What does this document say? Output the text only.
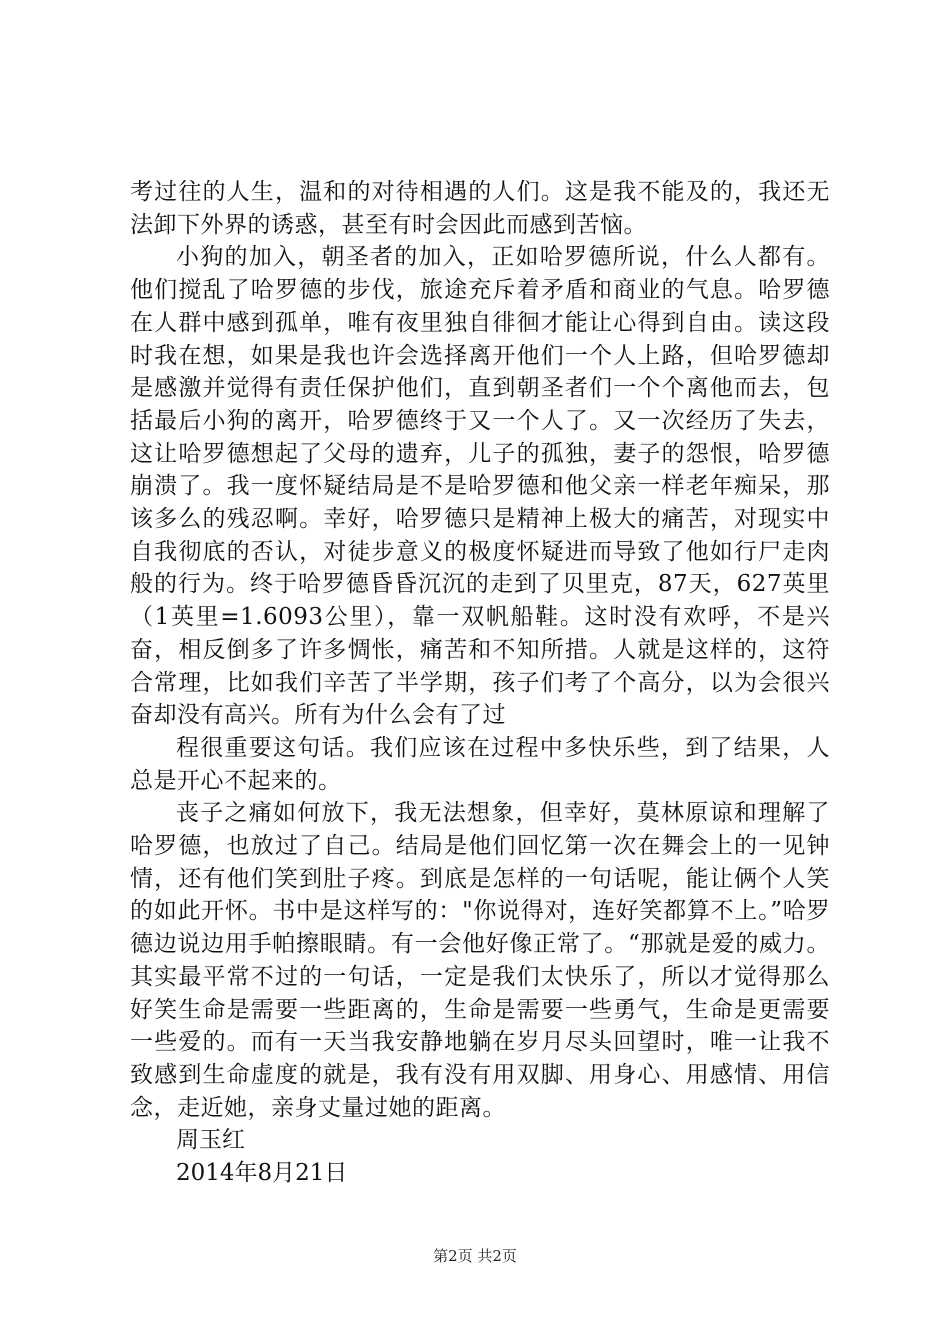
考过往的人生，温和的对待相遇的人们。这是我不能及的，我还无法卸下外界的诱惑，甚至有时会因此而感到苦恼。

小狗的加入，朝圣者的加入，正如哈罗德所说，什么人都有。他们搅乱了哈罗德的步伐，旅途充斥着矛盾和商业的气息。哈罗德在人群中感到孤单，唯有夜里独自徘徊才能让心得到自由。读这段时我在想，如果是我也许会选择离开他们一个人上路，但哈罗德却是感激并觉得有责任保护他们，直到朝圣者们一个个离他而去，包括最后小狗的离开，哈罗德终于又一个人了。又一次经历了失去，这让哈罗德想起了父母的遗弃，儿子的孤独，妻子的怨恨，哈罗德崩溃了。我一度怀疑结局是不是哈罗德和他父亲一样老年痴呆，那该多么的残忍啊。幸好，哈罗德只是精神上极大的痛苦，对现实中自我彻底的否认，对徒步意义的极度怀疑进而导致了他如行尸走肉般的行为。终于哈罗德昏昏沉沉的走到了贝里克，87天，627英里（1英里=1.6093公里），靠一双帆船鞋。这时没有欢呼，不是兴奋，相反倒多了许多惆怅，痛苦和不知所措。人就是这样的，这符合常理，比如我们辛苦了半学期，孩子们考了个高分，以为会很兴奋却没有高兴。所有为什么会有了过

程很重要这句话。我们应该在过程中多快乐些，到了结果，人总是开心不起来的。

丧子之痛如何放下，我无法想象，但幸好，莫林原谅和理解了哈罗德，也放过了自己。结局是他们回忆第一次在舞会上的一见钟情，还有他们笑到肚子疼。到底是怎样的一句话呢，能让俩个人笑的如此开怀。书中是这样写的："你说得对，连好笑都算不上。”哈罗德边说边用手帕擦眼睛。有一会他好像正常了。“那就是爱的威力。其实最平常不过的一句话，一定是我们太快乐了，所以才觉得那么好笑生命是需要一些距离的，生命是需要一些勇气，生命是更需要一些爱的。而有一天当我安静地躺在岁月尽头回望时，唯一让我不致感到生命虚度的就是，我有没有用双脚、用身心、用感情、用信念，走近她，亲身丈量过她的距离。

周玉红

2014年8月21日

第2页 共2页
